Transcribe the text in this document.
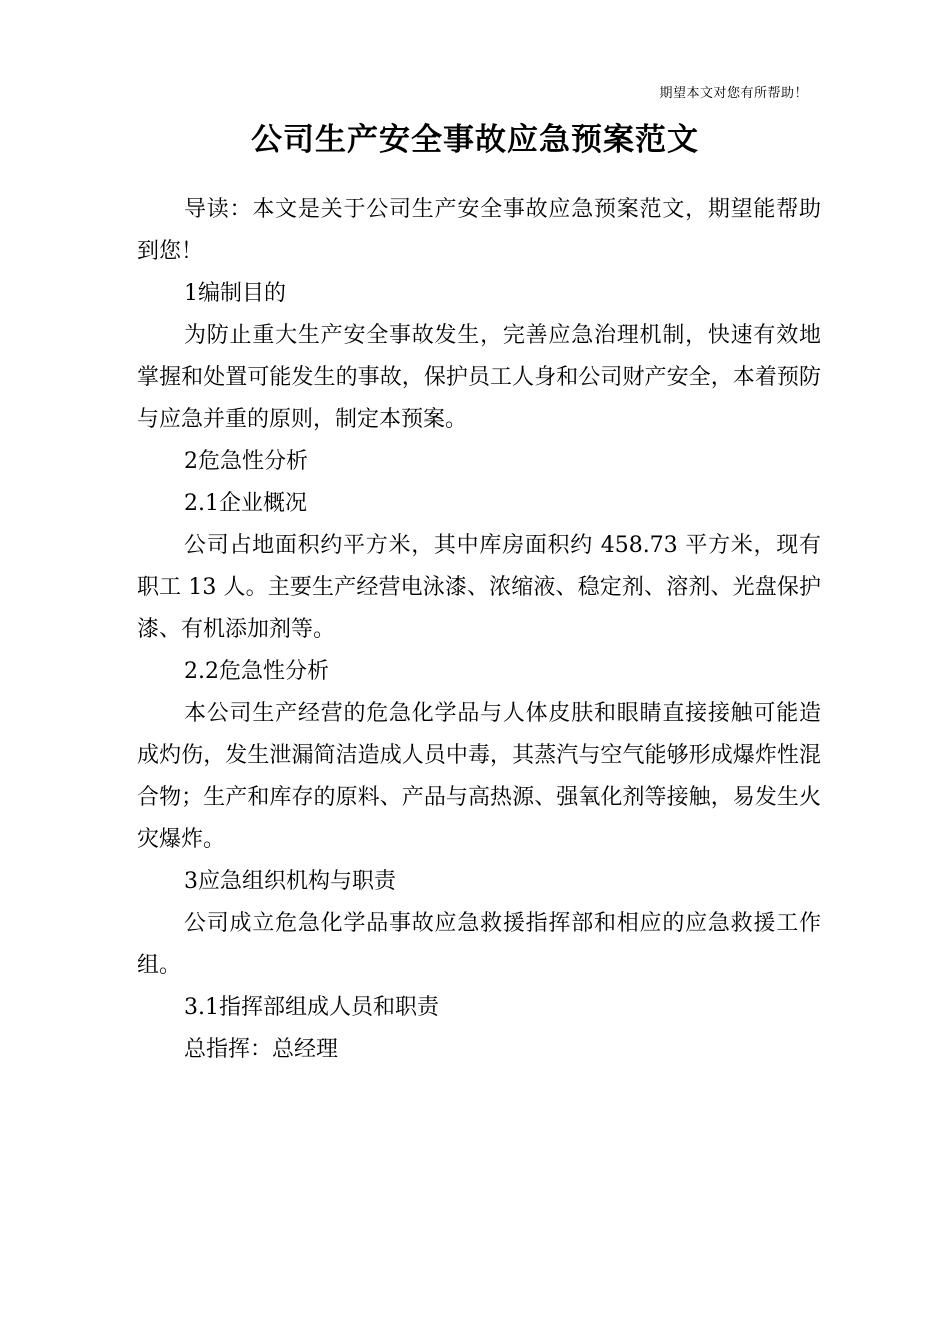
期望本文对您有所帮助！
公司生产安全事故应急预案范文

导读：本文是关于公司生产安全事故应急预案范文，期望能帮助到您！

1编制目的

为防止重大生产安全事故发生，完善应急治理机制，快速有效地掌握和处置可能发生的事故，保护员工人身和公司财产安全，本着预防与应急并重的原则，制定本预案。

2危急性分析

2.1企业概况

公司占地面积约平方米，其中库房面积约 458.73 平方米，现有职工 13 人。主要生产经营电泳漆、浓缩液、稳定剂、溶剂、光盘保护漆、有机添加剂等。

2.2危急性分析

本公司生产经营的危急化学品与人体皮肤和眼睛直接接触可能造成灼伤，发生泄漏简洁造成人员中毒，其蒸汽与空气能够形成爆炸性混合物；生产和库存的原料、产品与高热源、强氧化剂等接触，易发生火灾爆炸。

3应急组织机构与职责

公司成立危急化学品事故应急救援指挥部和相应的应急救援工作组。

3.1指挥部组成人员和职责

总指挥：总经理
